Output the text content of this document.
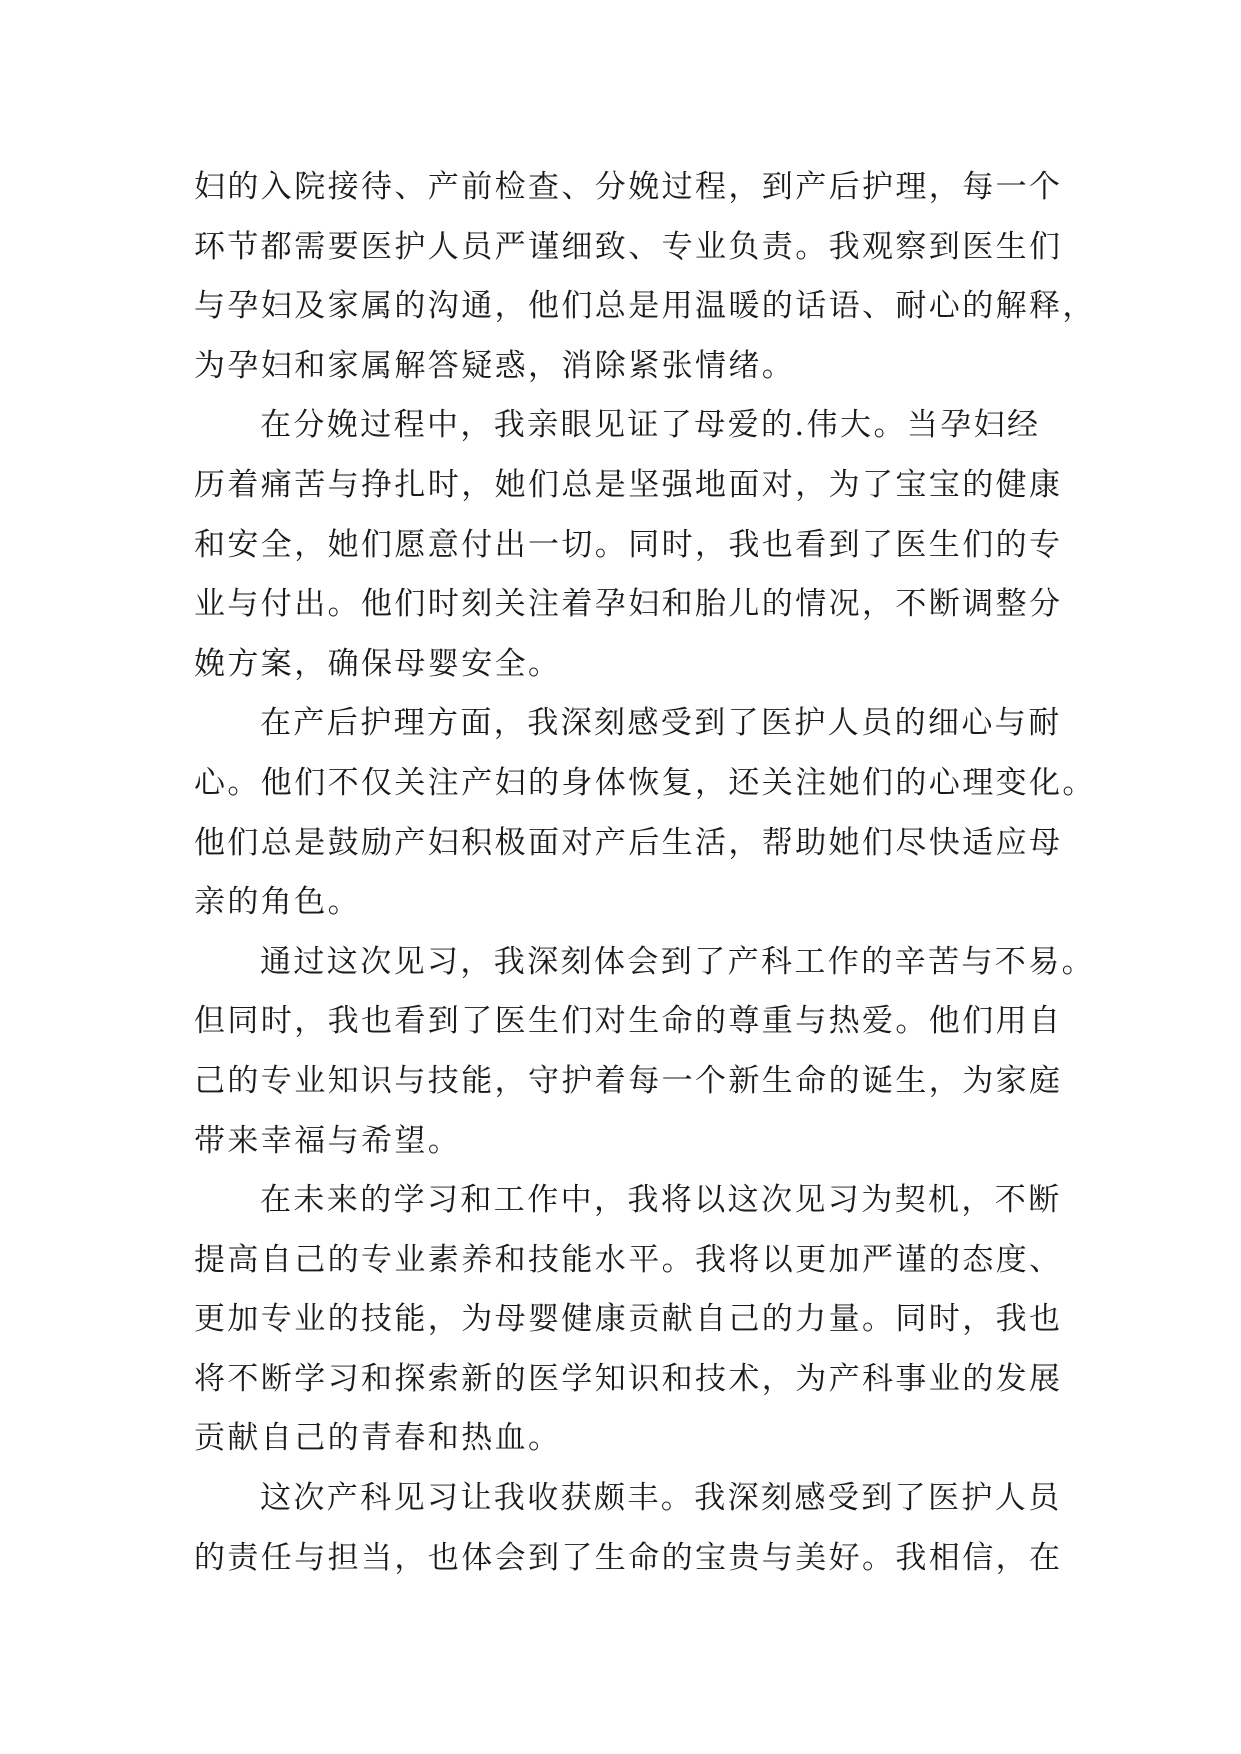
妇的入院接待、产前检查、分娩过程，到产后护理，每一个
环节都需要医护人员严谨细致、专业负责。我观察到医生们
与孕妇及家属的沟通，他们总是用温暖的话语、耐心的解释，
为孕妇和家属解答疑惑，消除紧张情绪。
在分娩过程中，我亲眼见证了母爱的.伟大。当孕妇经
历着痛苦与挣扎时，她们总是坚强地面对，为了宝宝的健康
和安全，她们愿意付出一切。同时，我也看到了医生们的专
业与付出。他们时刻关注着孕妇和胎儿的情况，不断调整分
娩方案，确保母婴安全。
在产后护理方面，我深刻感受到了医护人员的细心与耐
心。他们不仅关注产妇的身体恢复，还关注她们的心理变化。
他们总是鼓励产妇积极面对产后生活，帮助她们尽快适应母
亲的角色。
通过这次见习，我深刻体会到了产科工作的辛苦与不易。
但同时，我也看到了医生们对生命的尊重与热爱。他们用自
己的专业知识与技能，守护着每一个新生命的诞生，为家庭
带来幸福与希望。
在未来的学习和工作中，我将以这次见习为契机，不断
提高自己的专业素养和技能水平。我将以更加严谨的态度、
更加专业的技能，为母婴健康贡献自己的力量。同时，我也
将不断学习和探索新的医学知识和技术，为产科事业的发展
贡献自己的青春和热血。
这次产科见习让我收获颇丰。我深刻感受到了医护人员
的责任与担当，也体会到了生命的宝贵与美好。我相信，在
